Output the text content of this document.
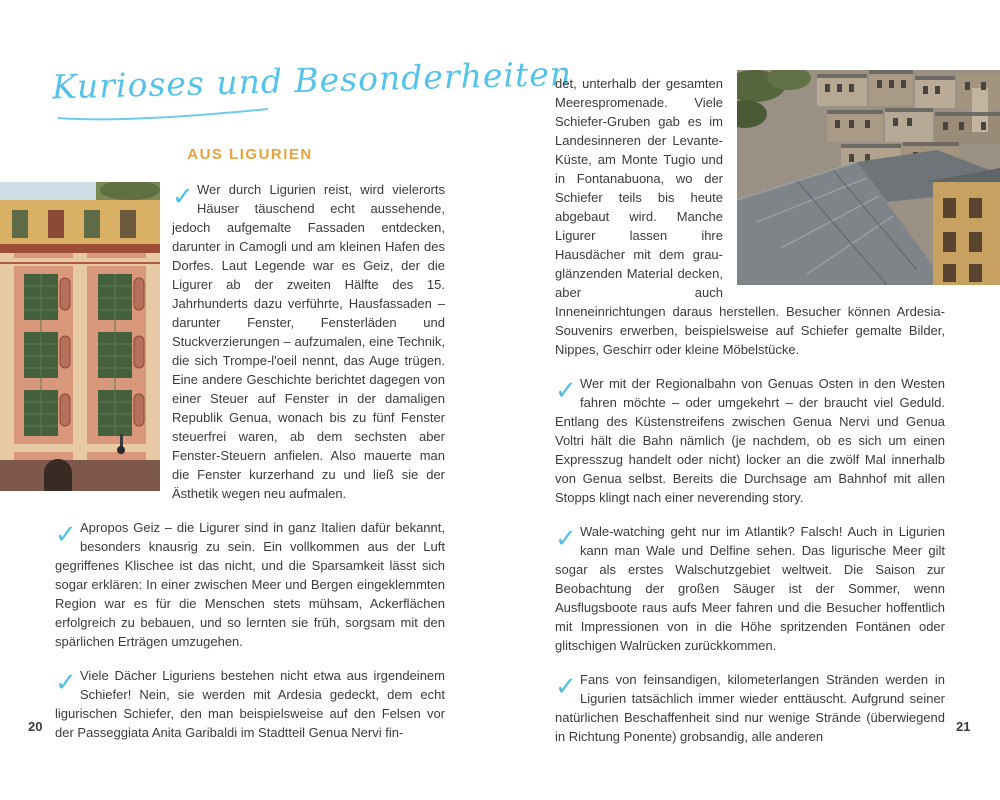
Kurioses und Besonderheiten
AUS LIGURIEN

✓ Wer durch Ligurien reist, wird vielerorts Häuser täuschend echt aussehende, jedoch aufgemalte Fassaden entdecken, darunter in Camogli und am kleinen Hafen des Dorfes. Laut Legende war es Geiz, der die Ligurer ab der zweiten Hälfte des 15. Jahrhunderts dazu verführte, Hausfassaden – darunter Fenster, Fensterläden und Stuckverzierungen – aufzumalen, eine Technik, die sich Trompe-l'oeil nennt, das Auge trügen. Eine andere Geschichte berichtet dagegen von einer Steuer auf Fenster in der damaligen Republik Genua, wonach bis zu fünf Fenster steuerfrei waren, ab dem sechsten aber Fenster-Steuern anfielen. Also mauerte man die Fenster kurzerhand zu und ließ sie der Ästhetik wegen neu aufmalen.

✓ Apropos Geiz – die Ligurer sind in ganz Italien dafür bekannt, besonders knausrig zu sein. Ein vollkommen aus der Luft gegriffenes Klischee ist das nicht, und die Sparsamkeit lässt sich sogar erklären: In einer zwischen Meer und Bergen eingeklemmten Region war es für die Menschen stets mühsam, Ackerflächen erfolgreich zu bebauen, und so lernten sie früh, sorgsam mit den spärlichen Erträgen umzugehen.

✓ Viele Dächer Liguriens bestehen nicht etwa aus irgendeinem Schiefer! Nein, sie werden mit Ardesia gedeckt, dem echt ligurischen Schiefer, den man beispielsweise auf den Felsen vor der Passeggiata Anita Garibaldi im Stadtteil Genua Nervi fin-

20

det, unterhalb der gesamten Meerespromenade. Viele Schiefer-Gruben gab es im Landesinneren der Levante-Küste, am Monte Tugio und in Fontanabuona, wo der Schiefer teils bis heute abgebaut wird. Manche Ligurer lassen ihre Hausdächer mit dem grau-glänzenden Material decken, aber auch Inneneinrichtungen daraus herstellen. Besucher können Ardesia-Souvenirs erwerben, beispielsweise auf Schiefer gemalte Bilder, Nippes, Geschirr oder kleine Möbelstücke.

✓ Wer mit der Regionalbahn von Genuas Osten in den Westen fahren möchte – oder umgekehrt – der braucht viel Geduld. Entlang des Küstenstreifens zwischen Genua Nervi und Genua Voltri hält die Bahn nämlich (je nachdem, ob es sich um einen Expresszug handelt oder nicht) locker an die zwölf Mal innerhalb von Genua selbst. Bereits die Durchsage am Bahnhof mit allen Stopps klingt nach einer neverending story.

✓ Wale-watching geht nur im Atlantik? Falsch! Auch in Ligurien kann man Wale und Delfine sehen. Das ligurische Meer gilt sogar als erstes Walschutzgebiet weltweit. Die Saison zur Beobachtung der großen Säuger ist der Sommer, wenn Ausflugsboote raus aufs Meer fahren und die Besucher hoffentlich mit Impressionen von in die Höhe spritzenden Fontänen oder glitschigen Walrücken zurückkommen.

✓ Fans von feinsandigen, kilometerlangen Stränden werden in Ligurien tatsächlich immer wieder enttäuscht. Aufgrund seiner natürlichen Beschaffenheit sind nur wenige Strände (überwiegend in Richtung Ponente) grobsandig, alle anderen

21
